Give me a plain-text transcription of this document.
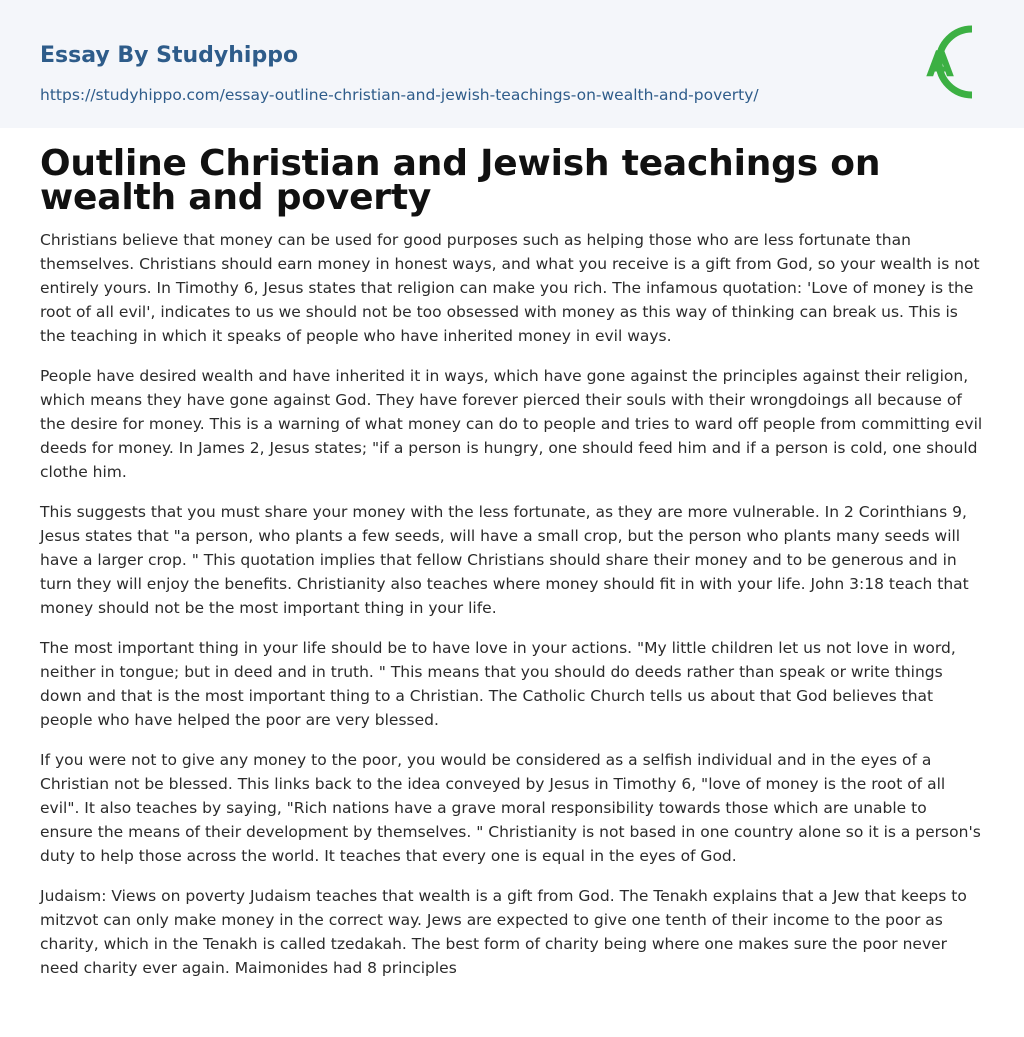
Essay By Studyhippo
https://studyhippo.com/essay-outline-christian-and-jewish-teachings-on-wealth-and-poverty/
A
Outline Christian and Jewish teachings on wealth and poverty

Christians believe that money can be used for good purposes such as helping those who are less fortunate than themselves. Christians should earn money in honest ways, and what you receive is a gift from God, so your wealth is not entirely yours. In Timothy 6, Jesus states that religion can make you rich. The infamous quotation: 'Love of money is the root of all evil', indicates to us we should not be too obsessed with money as this way of thinking can break us. This is the teaching in which it speaks of people who have inherited money in evil ways.

People have desired wealth and have inherited it in ways, which have gone against the principles against their religion, which means they have gone against God. They have forever pierced their souls with their wrongdoings all because of the desire for money. This is a warning of what money can do to people and tries to ward off people from committing evil deeds for money. In James 2, Jesus states; "if a person is hungry, one should feed him and if a person is cold, one should clothe him.

This suggests that you must share your money with the less fortunate, as they are more vulnerable. In 2 Corinthians 9, Jesus states that "a person, who plants a few seeds, will have a small crop, but the person who plants many seeds will have a larger crop. " This quotation implies that fellow Christians should share their money and to be generous and in turn they will enjoy the benefits. Christianity also teaches where money should fit in with your life. John 3:18 teach that money should not be the most important thing in your life.

The most important thing in your life should be to have love in your actions. "My little children let us not love in word, neither in tongue; but in deed and in truth. " This means that you should do deeds rather than speak or write things down and that is the most important thing to a Christian. The Catholic Church tells us about that God believes that people who have helped the poor are very blessed.

If you were not to give any money to the poor, you would be considered as a selfish individual and in the eyes of a Christian not be blessed. This links back to the idea conveyed by Jesus in Timothy 6, "love of money is the root of all evil". It also teaches by saying, "Rich nations have a grave moral responsibility towards those which are unable to ensure the means of their development by themselves. " Christianity is not based in one country alone so it is a person's duty to help those across the world. It teaches that every one is equal in the eyes of God.

Judaism: Views on poverty Judaism teaches that wealth is a gift from God. The Tenakh explains that a Jew that keeps to mitzvot can only make money in the correct way. Jews are expected to give one tenth of their income to the poor as charity, which in the Tenakh is called tzedakah. The best form of charity being where one makes sure the poor never need charity ever again. Maimonides had 8 principles
